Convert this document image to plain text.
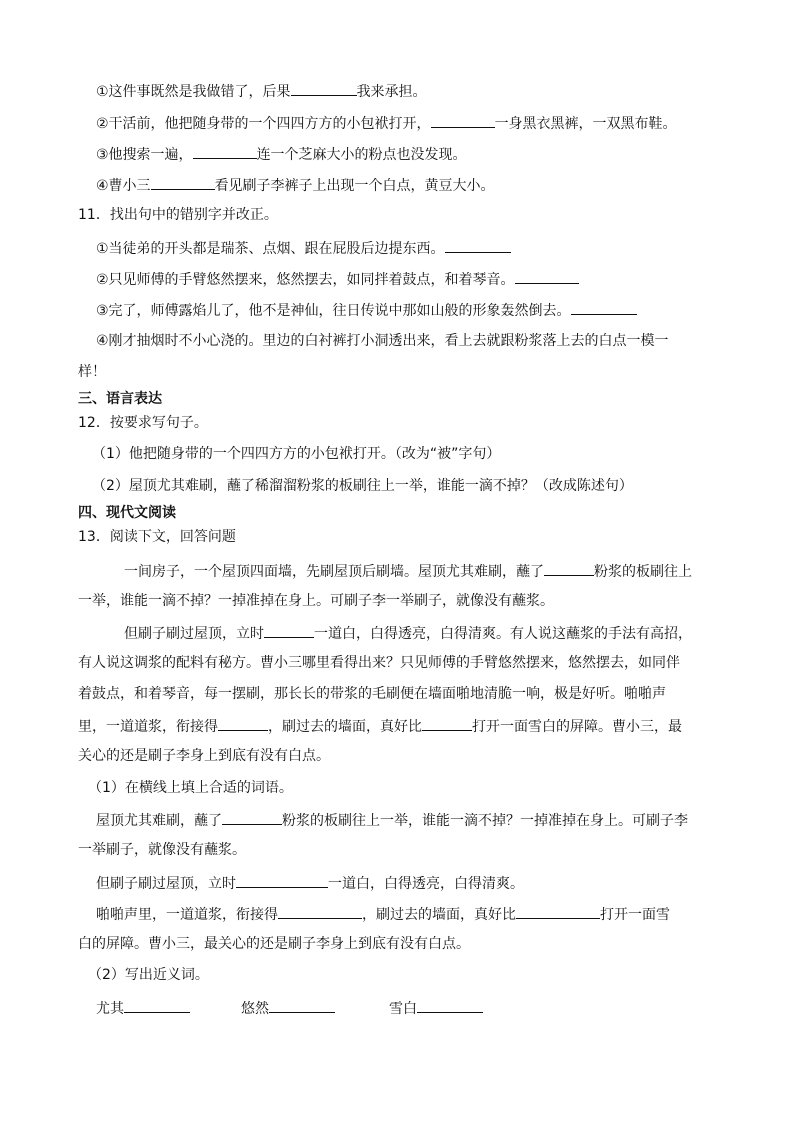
①这件事既然是我做错了，后果	我来承担。
②干活前，他把随身带的一个四四方方的小包袱打开，	一身黑衣黑裤，一双黑布鞋。
③他搜索一遍，	连一个芝麻大小的粉点也没发现。
④曹小三	看见刷子李裤子上出现一个白点，黄豆大小。
11．找出句中的错别字并改正。
①当徒弟的开头都是瑞茶、点烟、跟在屁股后边提东西。
②只见师傅的手臂悠然摆来，悠然摆去，如同拌着鼓点，和着琴音。
③完了，师傅露焰儿了，他不是神仙，往日传说中那如山般的形象轰然倒去。
④刚才抽烟时不小心浇的。里边的白衬裤打小洞透出来，看上去就跟粉浆落上去的白点一模一
样！
三、语言表达
12．按要求写句子。
（1）他把随身带的一个四四方方的小包袱打开。（改为“被”字句）
（2）屋顶尤其难刷，蘸了稀溜溜粉浆的板刷往上一举，谁能一滴不掉？（改成陈述句）
四、现代文阅读
13．阅读下文，回答问题
一间房子，一个屋顶四面墙，先刷屋顶后刷墙。屋顶尤其难刷，蘸了	粉浆的板刷往上
一举，谁能一滴不掉？一掉准掉在身上。可刷子李一举刷子，就像没有蘸浆。
但刷子刷过屋顶，立时	一道白，白得透亮，白得清爽。有人说这蘸浆的手法有高招，
有人说这调浆的配料有秘方。曹小三哪里看得出来？只见师傅的手臂悠然摆来，悠然摆去，如同伴
着鼓点，和着琴音，每一摆刷，那长长的带浆的毛刷便在墙面啪地清脆一响，极是好听。啪啪声
里，一道道浆，衔接得	，刷过去的墙面，真好比	打开一面雪白的屏障。曹小三，最
关心的还是刷子李身上到底有没有白点。
（1）在横线上填上合适的词语。
屋顶尤其难刷，蘸了	粉浆的板刷往上一举，谁能一滴不掉？一掉准掉在身上。可刷子李
一举刷子，就像没有蘸浆。
但刷子刷过屋顶，立时	一道白，白得透亮，白得清爽。
啪啪声里，一道道浆，衔接得	，刷过去的墙面，真好比	打开一面雪
白的屏障。曹小三，最关心的还是刷子李身上到底有没有白点。
（2）写出近义词。
尤其	悠然	雪白
